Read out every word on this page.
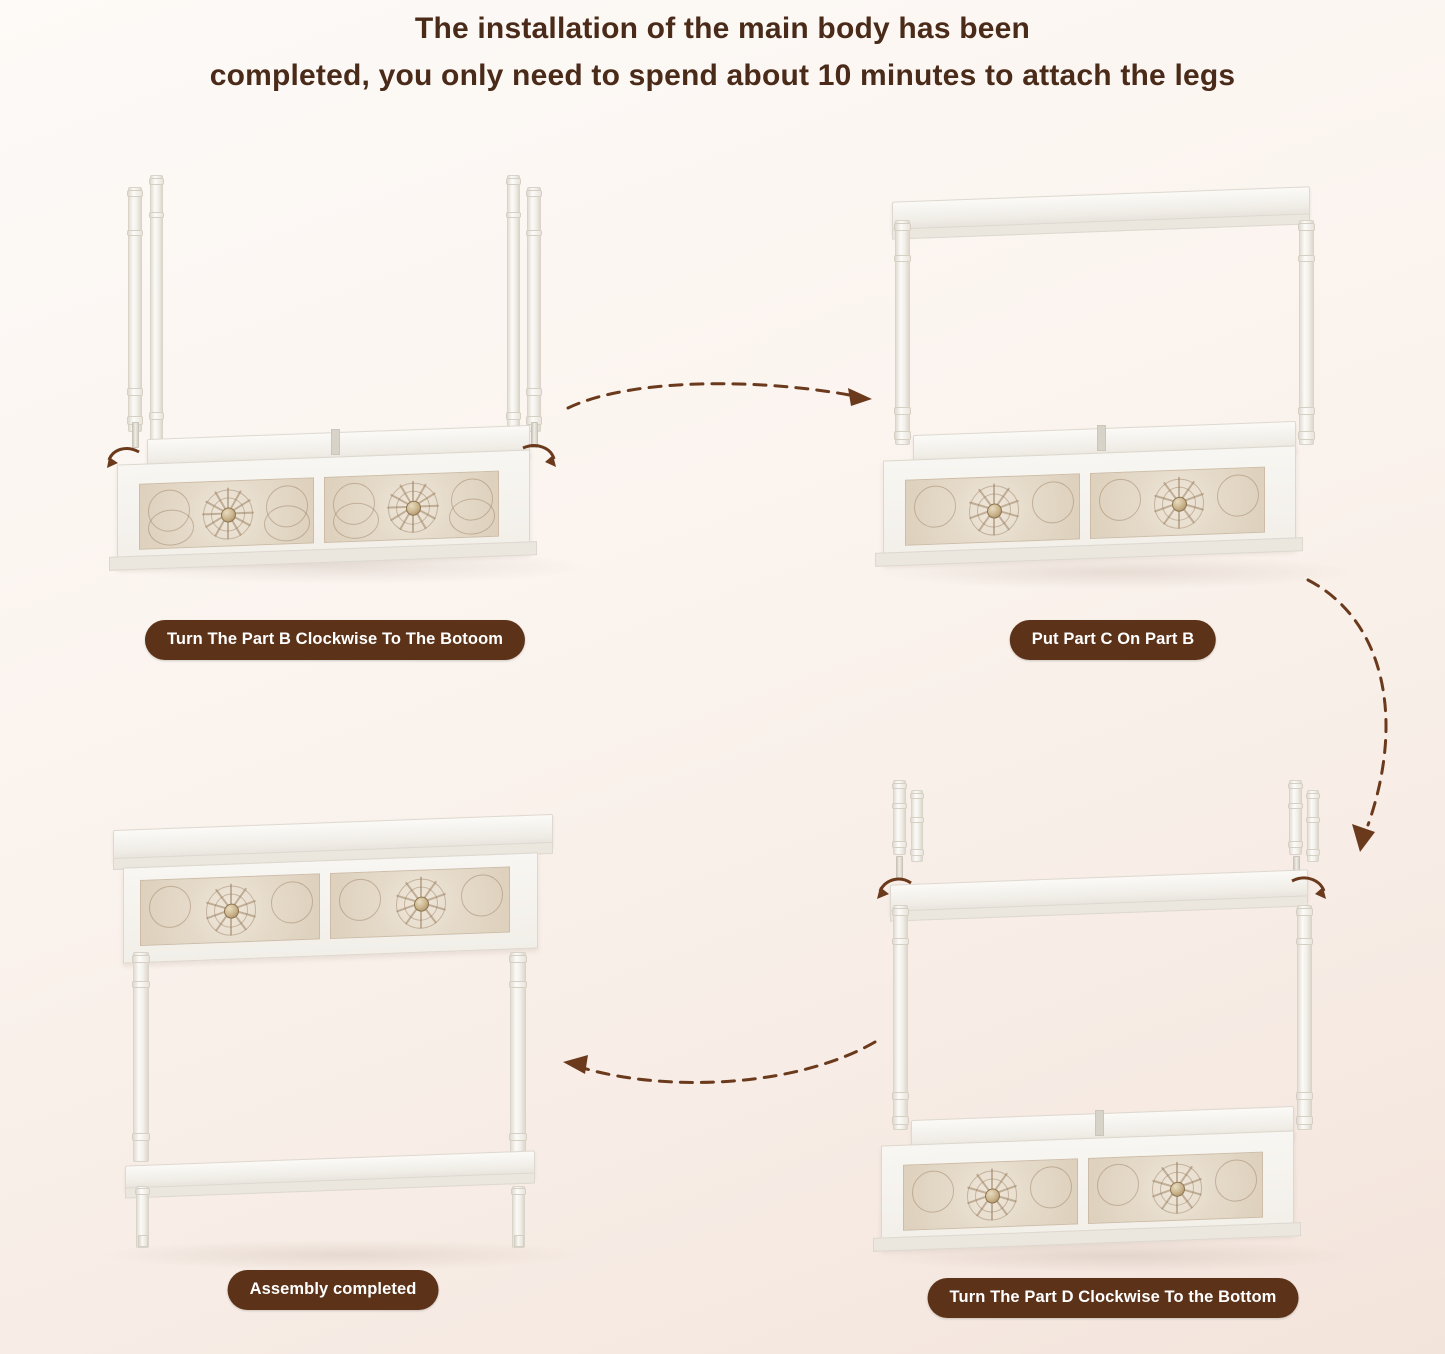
The installation of the main body has been
completed, you only need to spend about 10 minutes to attach the legs
Turn The Part B Clockwise To The Botoom	Put Part C On Part B
Turn The Part D Clockwise To the Bottom
Assembly completed
